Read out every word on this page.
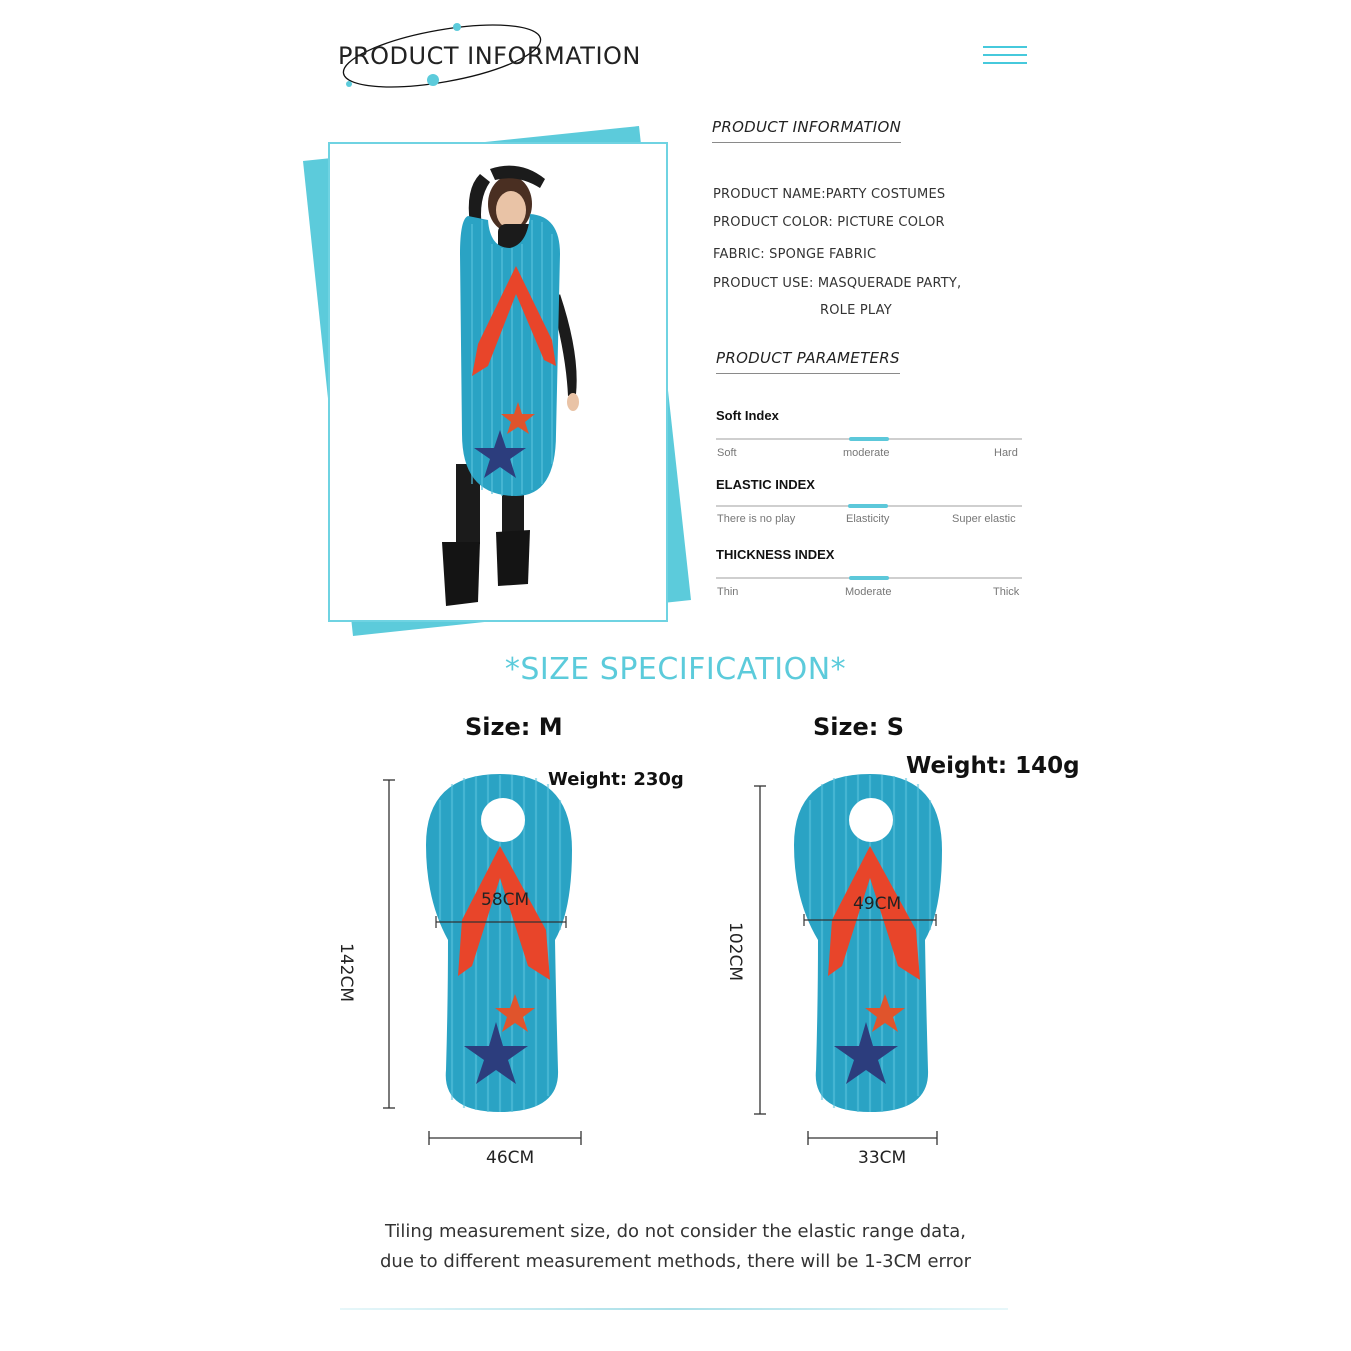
PRODUCT INFORMATION
PRODUCT INFORMATION
PRODUCT NAME:PARTY COSTUMES
PRODUCT COLOR: PICTURE COLOR
FABRIC: SPONGE FABRIC
PRODUCT USE: MASQUERADE PARTY,
ROLE PLAY
PRODUCT PARAMETERS
Soft Index
Soft	moderate	Hard
ELASTIC INDEX
There is no play	Elasticity	Super elastic
THICKNESS INDEX
Thin	Moderate	Thick
*SIZE SPECIFICATION*
Size: M	Size: S
Weight: 230g
Weight: 140g
142CM
58CM
46CM
102CM
49CM
33CM
Tiling measurement size, do not consider the elastic range data,
due to different measurement methods, there will be 1-3CM error
